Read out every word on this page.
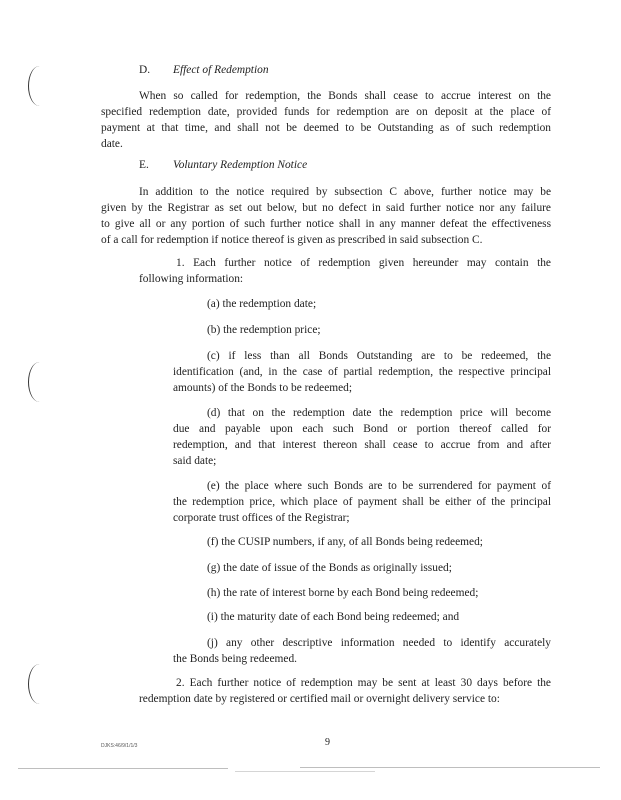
D. Effect of Redemption
When so called for redemption, the Bonds shall cease to accrue interest on the
specified redemption date, provided funds for redemption are on deposit at the place of
payment at that time, and shall not be deemed to be Outstanding as of such redemption
date.
E. Voluntary Redemption Notice
In addition to the notice required by subsection C above, further notice may be
given by the Registrar as set out below, but no defect in said further notice nor any failure
to give all or any portion of such further notice shall in any manner defeat the effectiveness
of a call for redemption if notice thereof is given as prescribed in said subsection C.
1. Each further notice of redemption given hereunder may contain the
following information:
(a) the redemption date;
(b) the redemption price;
(c) if less than all Bonds Outstanding are to be redeemed, the
identification (and, in the case of partial redemption, the respective principal
amounts) of the Bonds to be redeemed;
(d) that on the redemption date the redemption price will become
due and payable upon each such Bond or portion thereof called for
redemption, and that interest thereon shall cease to accrue from and after
said date;
(e) the place where such Bonds are to be surrendered for payment of
the redemption price, which place of payment shall be either of the principal
corporate trust offices of the Registrar;
(f) the CUSIP numbers, if any, of all Bonds being redeemed;
(g) the date of issue of the Bonds as originally issued;
(h) the rate of interest borne by each Bond being redeemed;
(i) the maturity date of each Bond being redeemed; and
(j) any other descriptive information needed to identify accurately
the Bonds being redeemed.
2. Each further notice of redemption may be sent at least 30 days before the
redemption date by registered or certified mail or overnight delivery service to:
DJKS:46/9/1/1/3	9
